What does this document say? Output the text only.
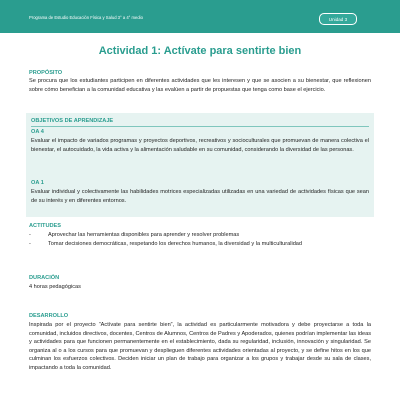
Programa de Estudio Educación Física y Salud 3° a 4° medio	Unidad 3
Actividad 1: Actívate para sentirte bien
PROPÓSITO
Se procura que los estudiantes participen en diferentes actividades que les interesen y que se asocien a su bienestar, que reflexionen sobre cómo benefician a la comunidad educativa y las evalúen a partir de propuestas que tenga como base el ejercicio.
OBJETIVOS DE APRENDIZAJE
OA 4
Evaluar el impacto de variados programas y proyectos deportivos, recreativos y socioculturales que promuevan de manera colectiva el bienestar, el autocuidado, la vida activa y la alimentación saludable en su comunidad, considerando la diversidad de las personas.
OA 1
Evaluar individual y colectivamente las habilidades motrices especializadas utilizadas en una variedad de actividades físicas que sean de su interés y en diferentes entornos.
ACTITUDES
-	Aprovechar las herramientas disponibles para aprender y resolver problemas
-	Tomar decisiones democráticas, respetando los derechos humanos, la diversidad y la multiculturalidad
DURACIÓN
4 horas pedagógicas
DESARROLLO
Inspirada por el proyecto “Actívate para sentirte bien”, la actividad es particularmente motivadora y debe proyectarse a toda la comunidad, incluidos directivos, docentes, Centros de Alumnos, Centros de Padres y Apoderados, quienes podrían implementar las ideas y actividades para que funcionen permanentemente en el establecimiento, dada su regularidad, inclusión, innovación y singularidad. Se organiza al o a los cursos para que promuevan y desplieguen diferentes actividades orientadas al proyecto, y se define hitos en los que culminan los esfuerzos colectivos. Deciden iniciar un plan de trabajo para organizar a los grupos y trabajar desde su sala de clases, impactando a toda la comunidad.
